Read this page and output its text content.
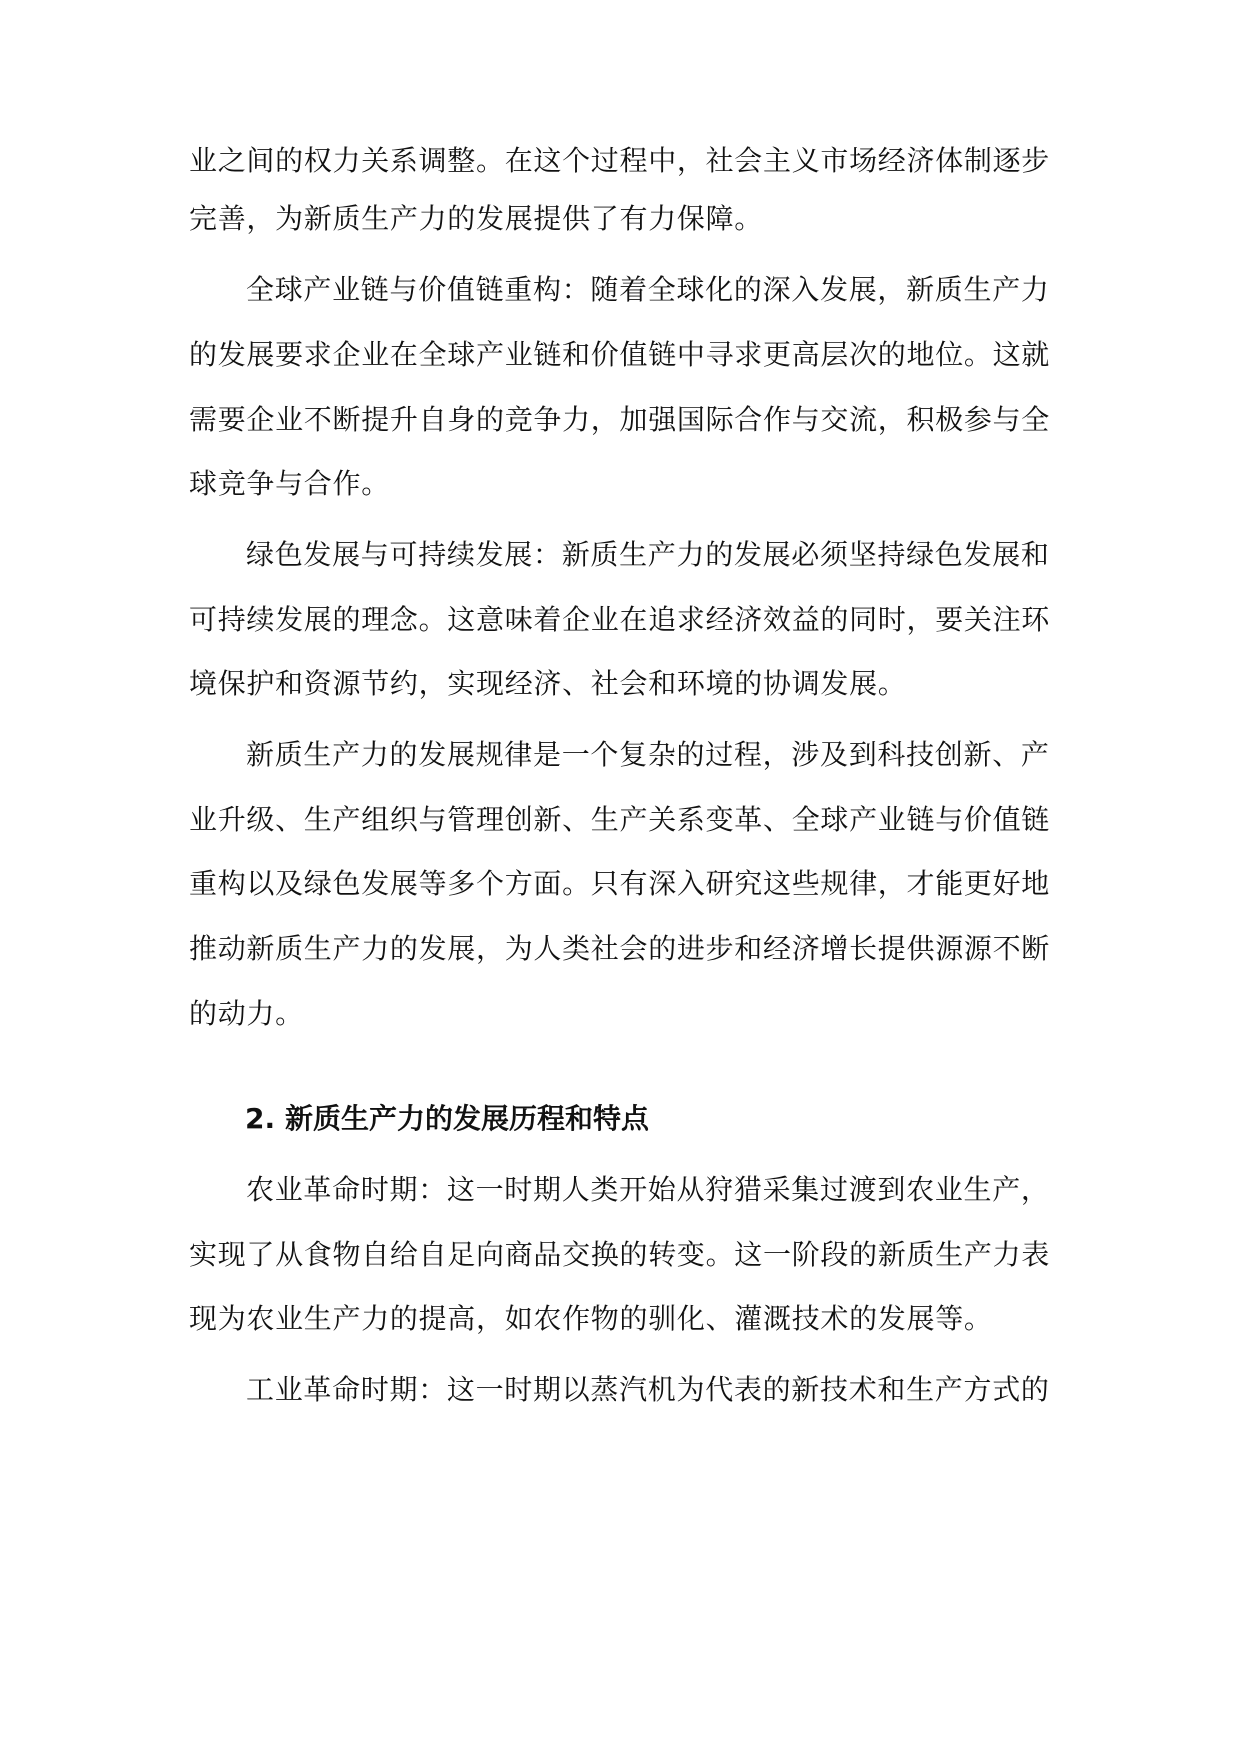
业之间的权力关系调整。在这个过程中，社会主义市场经济体制逐步
完善，为新质生产力的发展提供了有力保障。
全球产业链与价值链重构：随着全球化的深入发展，新质生产力
的发展要求企业在全球产业链和价值链中寻求更高层次的地位。这就
需要企业不断提升自身的竞争力，加强国际合作与交流，积极参与全
球竞争与合作。
绿色发展与可持续发展：新质生产力的发展必须坚持绿色发展和
可持续发展的理念。这意味着企业在追求经济效益的同时，要关注环
境保护和资源节约，实现经济、社会和环境的协调发展。
新质生产力的发展规律是一个复杂的过程，涉及到科技创新、产
业升级、生产组织与管理创新、生产关系变革、全球产业链与价值链
重构以及绿色发展等多个方面。只有深入研究这些规律，才能更好地
推动新质生产力的发展，为人类社会的进步和经济增长提供源源不断
的动力。
2. 新质生产力的发展历程和特点
农业革命时期：这一时期人类开始从狩猎采集过渡到农业生产，
实现了从食物自给自足向商品交换的转变。这一阶段的新质生产力表
现为农业生产力的提高，如农作物的驯化、灌溉技术的发展等。
工业革命时期：这一时期以蒸汽机为代表的新技术和生产方式的
